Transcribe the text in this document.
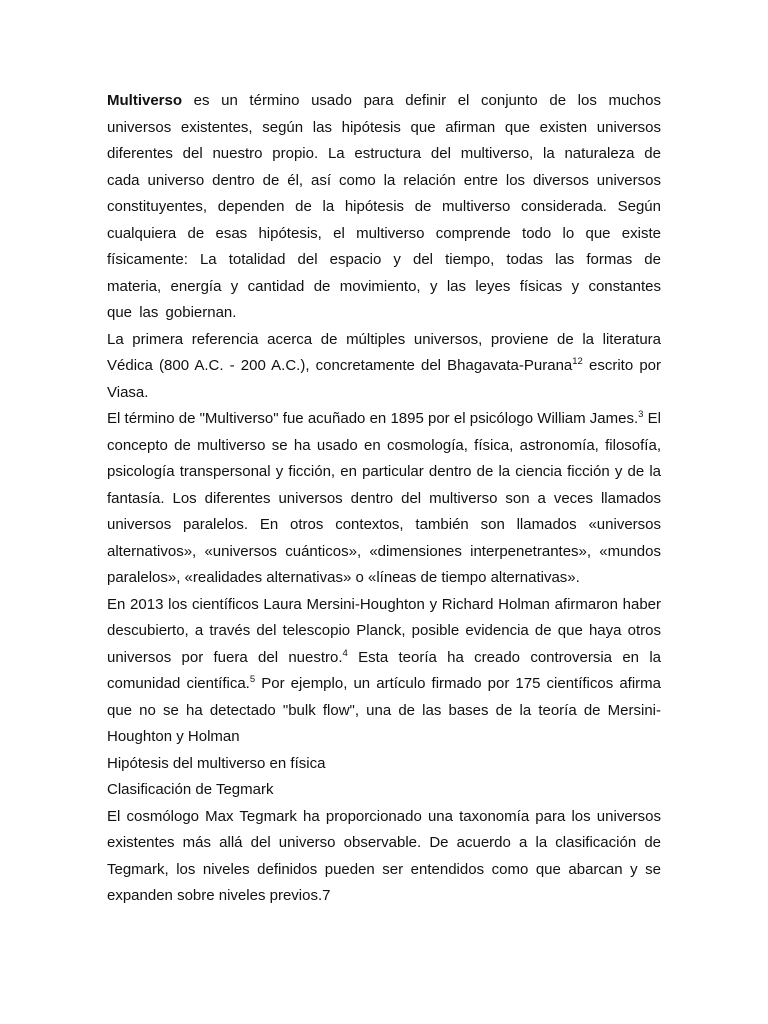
Multiverso es un término usado para definir el conjunto de los muchos universos existentes, según las hipótesis que afirman que existen universos diferentes del nuestro propio. La estructura del multiverso, la naturaleza de cada universo dentro de él, así como la relación entre los diversos universos constituyentes, dependen de la hipótesis de multiverso considerada. Según cualquiera de esas hipótesis, el multiverso comprende todo lo que existe físicamente: La totalidad del espacio y del tiempo, todas las formas de materia, energía y cantidad de movimiento, y las leyes físicas y constantes que las gobiernan.

La primera referencia acerca de múltiples universos, proviene de la literatura Védica (800 A.C. - 200 A.C.), concretamente del Bhagavata-Purana$^{12}$ escrito por Viasa.

El término de "Multiverso" fue acuñado en 1895 por el psicólogo William James.$^3$ El concepto de multiverso se ha usado en cosmología, física, astronomía, filosofía, psicología transpersonal y ficción, en particular dentro de la ciencia ficción y de la fantasía. Los diferentes universos dentro del multiverso son a veces llamados universos paralelos. En otros contextos, también son llamados «universos alternativos», «universos cuánticos», «dimensiones interpenetrantes», «mundos paralelos», «realidades alternativas» o «líneas de tiempo alternativas».

En 2013 los científicos Laura Mersini-Houghton y Richard Holman afirmaron haber descubierto, a través del telescopio Planck, posible evidencia de que haya otros universos por fuera del nuestro.$^4$ Esta teoría ha creado controversia en la comunidad científica.$^5$ Por ejemplo, un artículo firmado por 175 científicos afirma que no se ha detectado "bulk flow", una de las bases de la teoría de Mersini-Houghton y Holman

Hipótesis del multiverso en física

Clasificación de Tegmark

El cosmólogo Max Tegmark ha proporcionado una taxonomía para los universos existentes más allá del universo observable. De acuerdo a la clasificación de Tegmark, los niveles definidos pueden ser entendidos como que abarcan y se expanden sobre niveles previos.7
